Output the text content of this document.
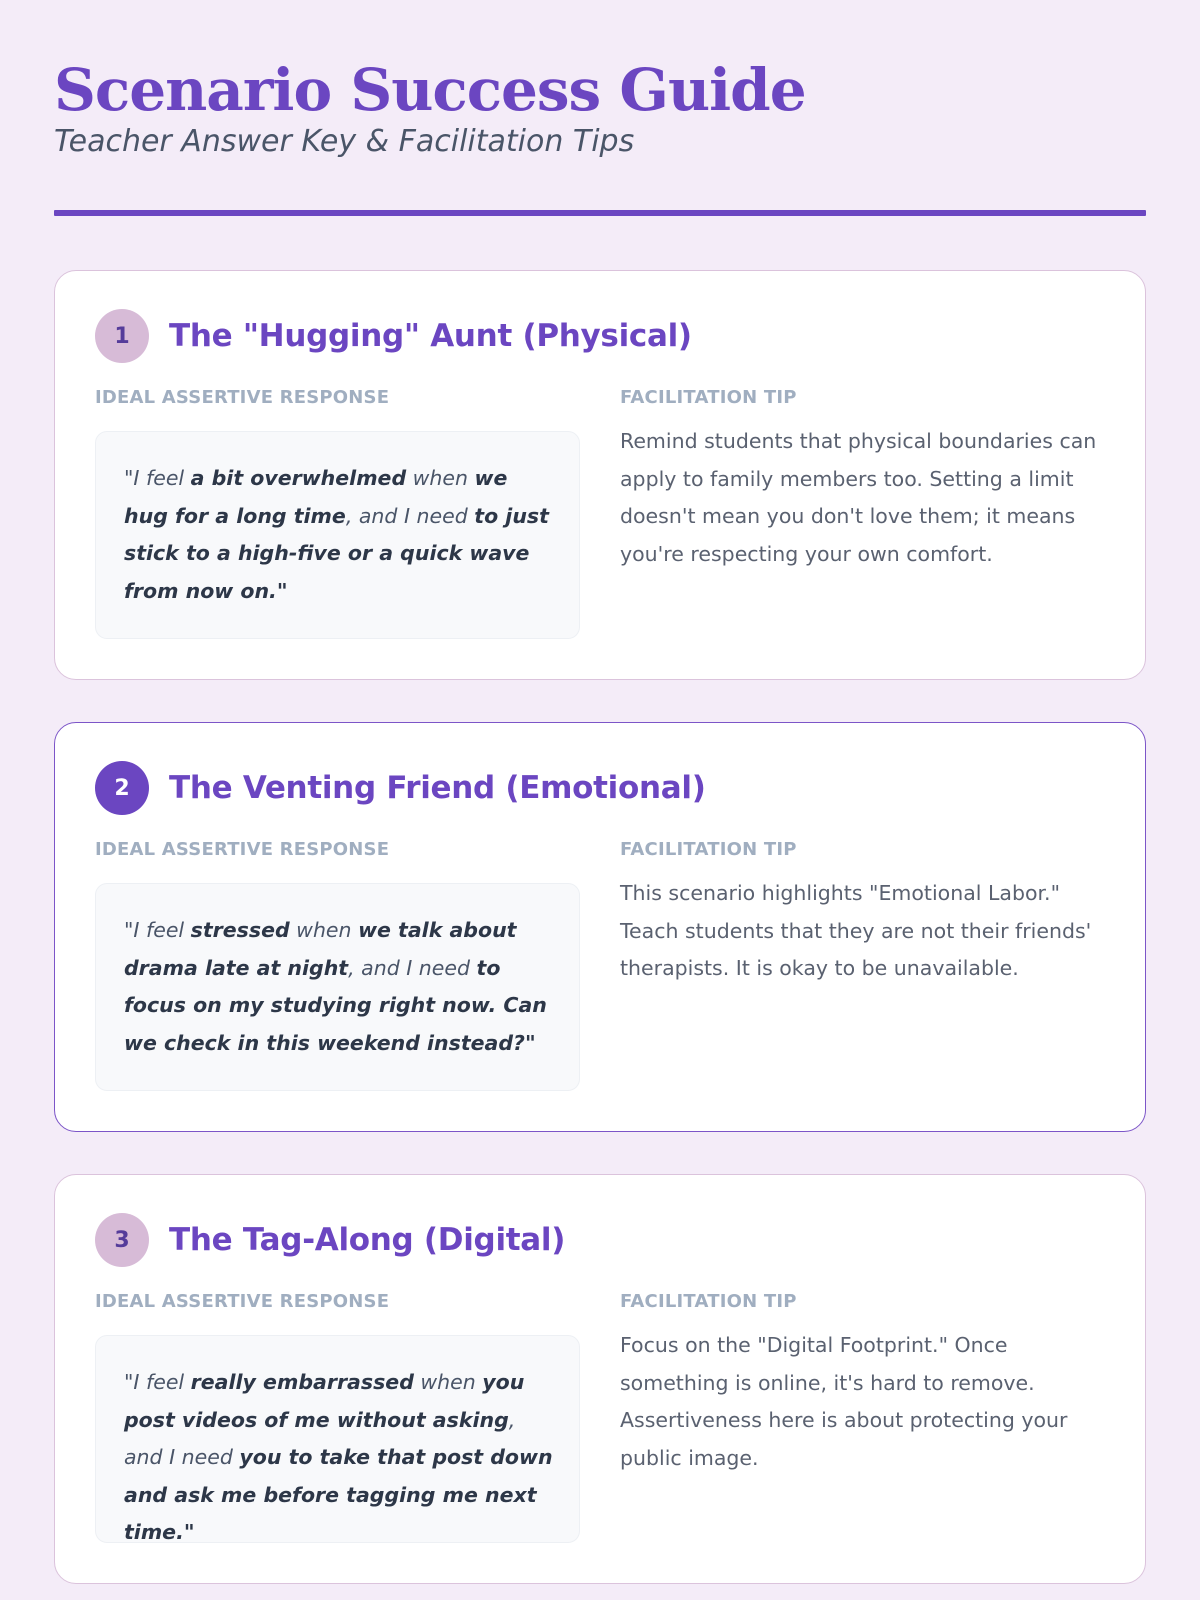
Scenario Success Guide
Teacher Answer Key & Facilitation Tips
1	The "Hugging" Aunt (Physical)
IDEAL ASSERTIVE RESPONSE
"I feel a bit overwhelmed when we hug for a long time, and I need to just stick to a high-five or a quick wave from now on."
FACILITATION TIP
Remind students that physical boundaries can apply to family members too. Setting a limit doesn't mean you don't love them; it means you're respecting your own comfort.
2	The Venting Friend (Emotional)
IDEAL ASSERTIVE RESPONSE
"I feel stressed when we talk about drama late at night, and I need to focus on my studying right now. Can we check in this weekend instead?"
FACILITATION TIP
This scenario highlights "Emotional Labor." Teach students that they are not their friends' therapists. It is okay to be unavailable.
3	The Tag-Along (Digital)
IDEAL ASSERTIVE RESPONSE
"I feel really embarrassed when you post videos of me without asking, and I need you to take that post down and ask me before tagging me next time."
FACILITATION TIP
Focus on the "Digital Footprint." Once something is online, it's hard to remove. Assertiveness here is about protecting your public image.
